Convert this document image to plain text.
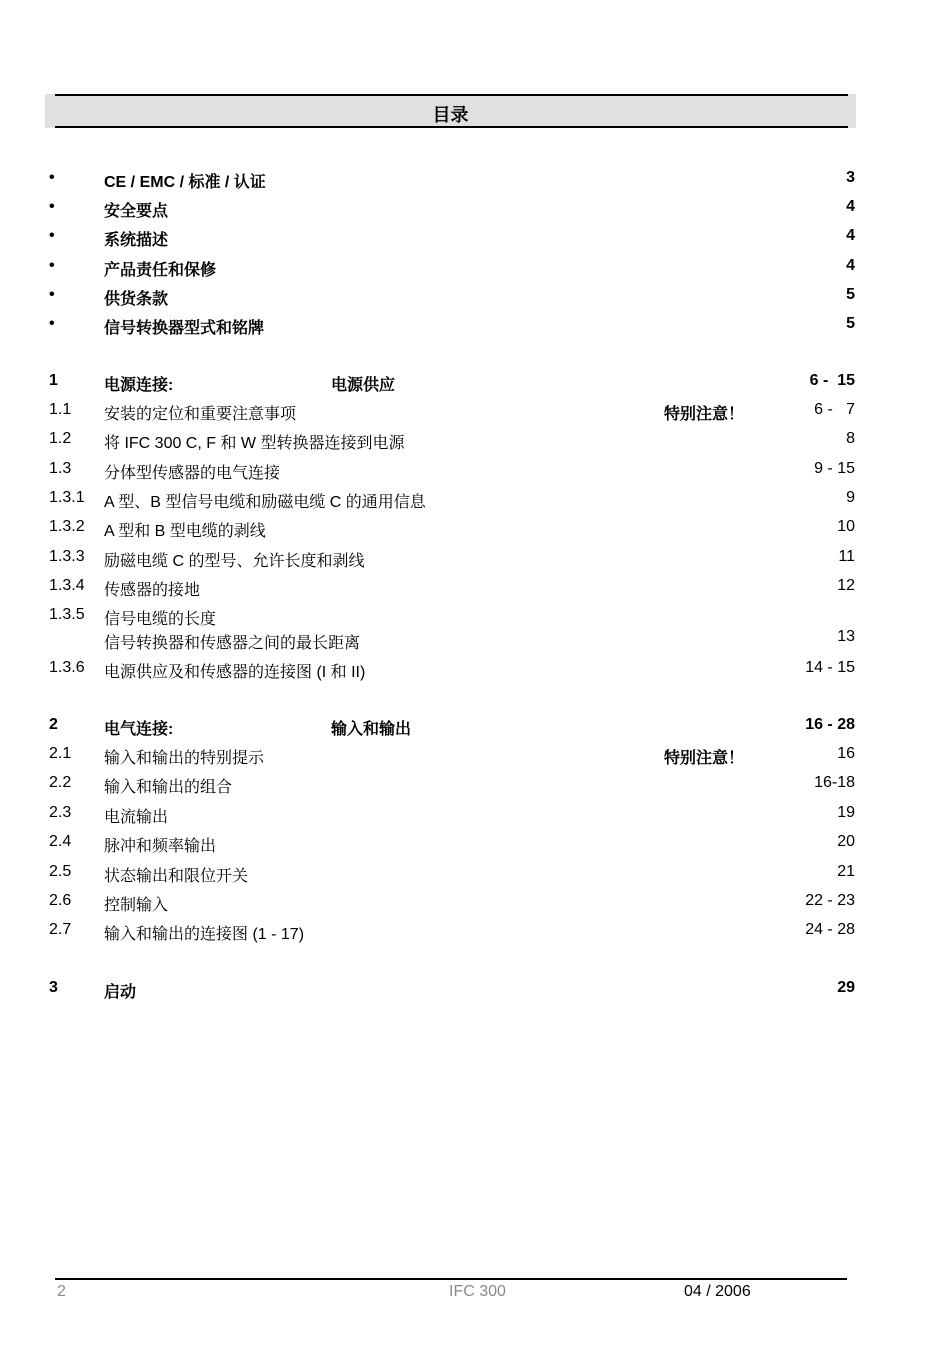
目录
•	CE / EMC / 标准 / 认证	3
•	安全要点	4
•	系统描述	4
•	产品责任和保修	4
•	供货条款	5
•	信号转换器型式和铭牌	5
1	电源连接:	电源供应	6 -  15
1.1 安装的定位和重要注意事项	特别注意！	6 -   7
1.2 将 IFC 300 C, F 和 W 型转换器连接到电源	8
1.3 分体型传感器的电气连接	9 - 15
1.3.1 A 型、B 型信号电缆和励磁电缆 C 的通用信息	9
1.3.2 A 型和 B 型电缆的剥线	10
1.3.3 励磁电缆 C 的型号、允许长度和剥线	11
1.3.4 传感器的接地	12
1.3.5 信号电缆的长度
信号转换器和传感器之间的最长距离	13
1.3.6 电源供应及和传感器的连接图 (I 和 II)	14 - 15
2	电气连接:	输入和输出	16 - 28
2.1 输入和输出的特别提示	特别注意！	16
2.2 输入和输出的组合	16-18
2.3 电流输出	19
2.4 脉冲和频率输出	20
2.5 状态输出和限位开关	21
2.6 控制输入	22 - 23
2.7 输入和输出的连接图 (1 - 17)	24 - 28
3	启动	29
2	IFC 300	04 / 2006
